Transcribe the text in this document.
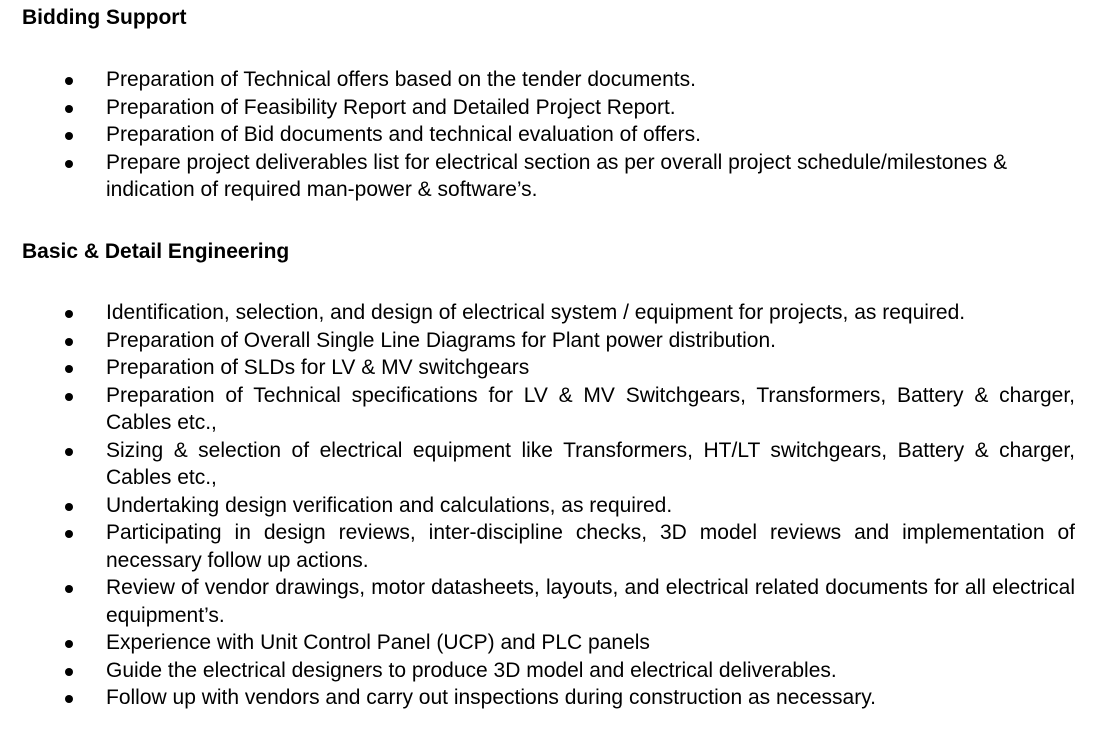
Bidding Support
Preparation of Technical offers based on the tender documents.
Preparation of Feasibility Report and Detailed Project Report.
Preparation of Bid documents and technical evaluation of offers.
Prepare project deliverables list for electrical section as per overall project schedule/milestones & indication of required man-power & software’s.
Basic & Detail Engineering
Identification, selection, and design of electrical system / equipment for projects, as required.
Preparation of Overall Single Line Diagrams for Plant power distribution.
Preparation of SLDs for LV & MV switchgears
Preparation of Technical specifications for LV & MV Switchgears, Transformers, Battery & charger, Cables etc.,
Sizing & selection of electrical equipment like Transformers, HT/LT switchgears, Battery & charger, Cables etc.,
Undertaking design verification and calculations, as required.
Participating in design reviews, inter-discipline checks, 3D model reviews and implementation of necessary follow up actions.
Review of vendor drawings, motor datasheets, layouts, and electrical related documents for all electrical equipment’s.
Experience with Unit Control Panel (UCP) and PLC panels
Guide the electrical designers to produce 3D model and electrical deliverables.
Follow up with vendors and carry out inspections during construction as necessary.
